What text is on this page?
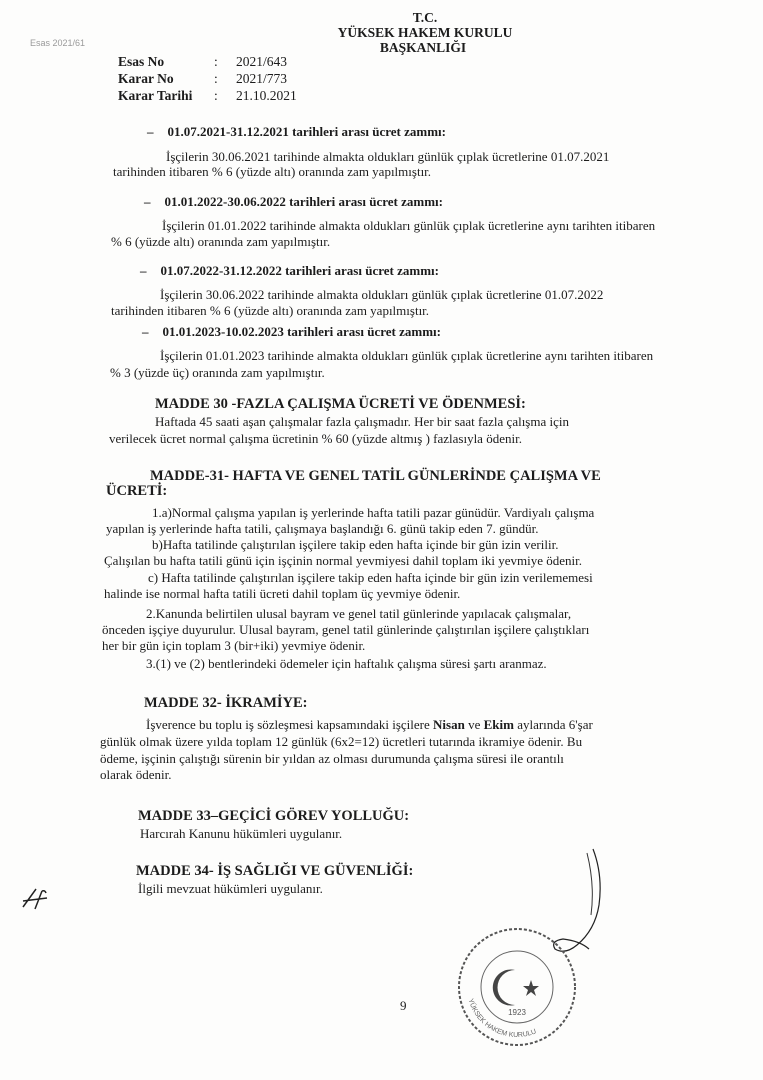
Esas 2021/61
T.C.
YÜKSEK HAKEM KURULU
BAŞKANLIĞI
Esas No	: 2021/643
Karar No	: 2021/773
Karar Tarihi : 21.10.2021
– 01.07.2021-31.12.2021 tarihleri arası ücret zammı:
İşçilerin 30.06.2021 tarihinde almakta oldukları günlük çıplak ücretlerine 01.07.2021
tarihinden itibaren % 6 (yüzde altı) oranında zam yapılmıştır.
– 01.01.2022-30.06.2022 tarihleri arası ücret zammı:
İşçilerin 01.01.2022 tarihinde almakta oldukları günlük çıplak ücretlerine aynı tarihten itibaren
% 6 (yüzde altı) oranında zam yapılmıştır.
– 01.07.2022-31.12.2022 tarihleri arası ücret zammı:
İşçilerin 30.06.2022 tarihinde almakta oldukları günlük çıplak ücretlerine 01.07.2022
tarihinden itibaren % 6 (yüzde altı) oranında zam yapılmıştır.
– 01.01.2023-10.02.2023 tarihleri arası ücret zammı:
İşçilerin 01.01.2023 tarihinde almakta oldukları günlük çıplak ücretlerine aynı tarihten itibaren
% 3 (yüzde üç) oranında zam yapılmıştır.
MADDE 30 -FAZLA ÇALIŞMA ÜCRETİ VE ÖDENMESİ:
Haftada 45 saati aşan çalışmalar fazla çalışmadır. Her bir saat fazla çalışma için
verilecek ücret normal çalışma ücretinin % 60 (yüzde altmış ) fazlasıyla ödenir.
MADDE-31- HAFTA VE GENEL TATİL GÜNLERİNDE ÇALIŞMA VE
ÜCRETİ:
1.a)Normal çalışma yapılan iş yerlerinde hafta tatili pazar günüdür. Vardiyalı çalışma
yapılan iş yerlerinde hafta tatili, çalışmaya başlandığı 6. günü takip eden 7. gündür.
b)Hafta tatilinde çalıştırılan işçilere takip eden hafta içinde bir gün izin verilir.
Çalışılan bu hafta tatili günü için işçinin normal yevmiyesi dahil toplam iki yevmiye ödenir.
c) Hafta tatilinde çalıştırılan işçilere takip eden hafta içinde bir gün izin verilememesi
halinde ise normal hafta tatili ücreti dahil toplam üç yevmiye ödenir.
2.Kanunda belirtilen ulusal bayram ve genel tatil günlerinde yapılacak çalışmalar,
önceden işçiye duyurulur. Ulusal bayram, genel tatil günlerinde çalıştırılan işçilere çalıştıkları
her bir gün için toplam 3 (bir+iki) yevmiye ödenir.
3.(1) ve (2) bentlerindeki ödemeler için haftalık çalışma süresi şartı aranmaz.
MADDE 32- İKRAMİYE:
İşverence bu toplu iş sözleşmesi kapsamındaki işçilere Nisan ve Ekim aylarında 6'şar
günlük olmak üzere yılda toplam 12 günlük (6x2=12) ücretleri tutarında ikramiye ödenir. Bu
ödeme, işçinin çalıştığı sürenin bir yıldan az olması durumunda çalışma süresi ile orantılı
olarak ödenir.
MADDE 33–GEÇİCİ GÖREV YOLLUĞU:
Harcırah Kanunu hükümleri uygulanır.
MADDE 34- İŞ SAĞLIĞI VE GÜVENLİĞİ:
İlgili mevzuat hükümleri uygulanır.
1923
YÜKSEK HAKEM KURULU
9
